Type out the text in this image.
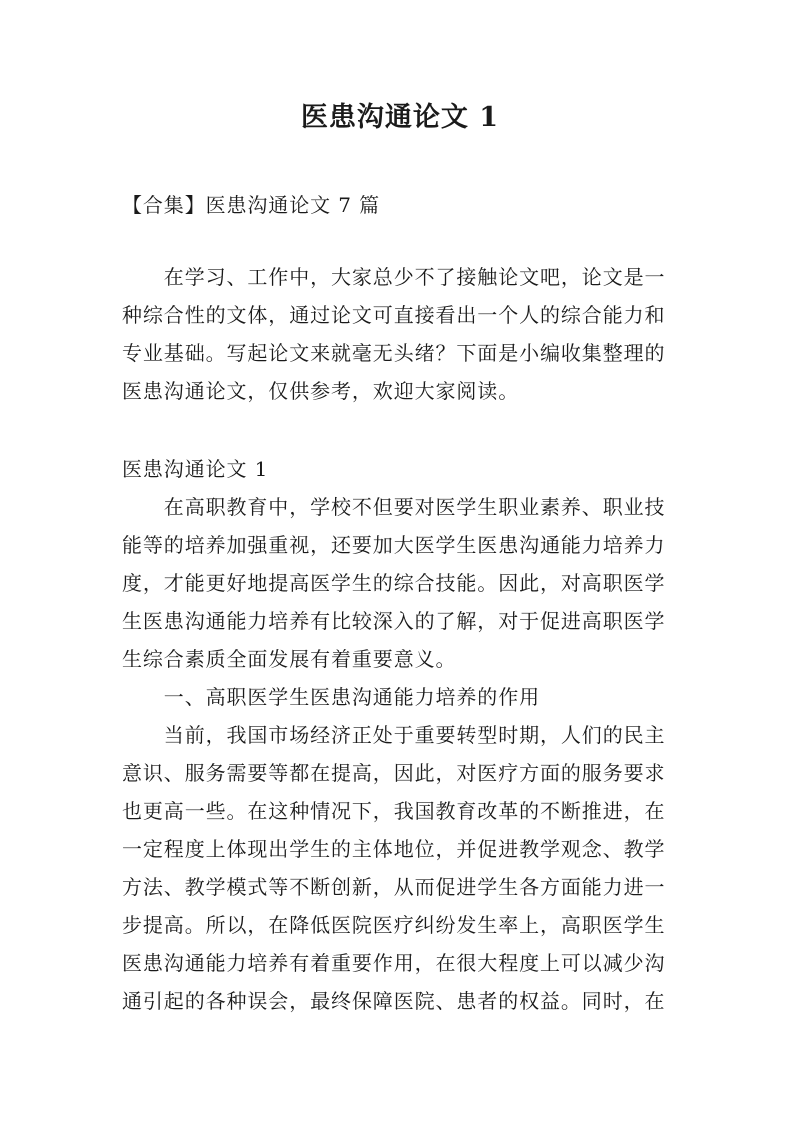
医患沟通论文 1
【合集】医患沟通论文 7 篇
　　在学习、工作中，大家总少不了接触论文吧，论文是一
种综合性的文体，通过论文可直接看出一个人的综合能力和
专业基础。写起论文来就毫无头绪？下面是小编收集整理的
医患沟通论文，仅供参考，欢迎大家阅读。
医患沟通论文 1
　　在高职教育中，学校不但要对医学生职业素养、职业技
能等的培养加强重视，还要加大医学生医患沟通能力培养力
度，才能更好地提高医学生的综合技能。因此，对高职医学
生医患沟通能力培养有比较深入的了解，对于促进高职医学
生综合素质全面发展有着重要意义。
　　一、高职医学生医患沟通能力培养的作用
　　当前，我国市场经济正处于重要转型时期，人们的民主
意识、服务需要等都在提高，因此，对医疗方面的服务要求
也更高一些。在这种情况下，我国教育改革的不断推进，在
一定程度上体现出学生的主体地位，并促进教学观念、教学
方法、教学模式等不断创新，从而促进学生各方面能力进一
步提高。所以，在降低医院医疗纠纷发生率上，高职医学生
医患沟通能力培养有着重要作用，在很大程度上可以减少沟
通引起的各种误会，最终保障医院、患者的权益。同时，在
